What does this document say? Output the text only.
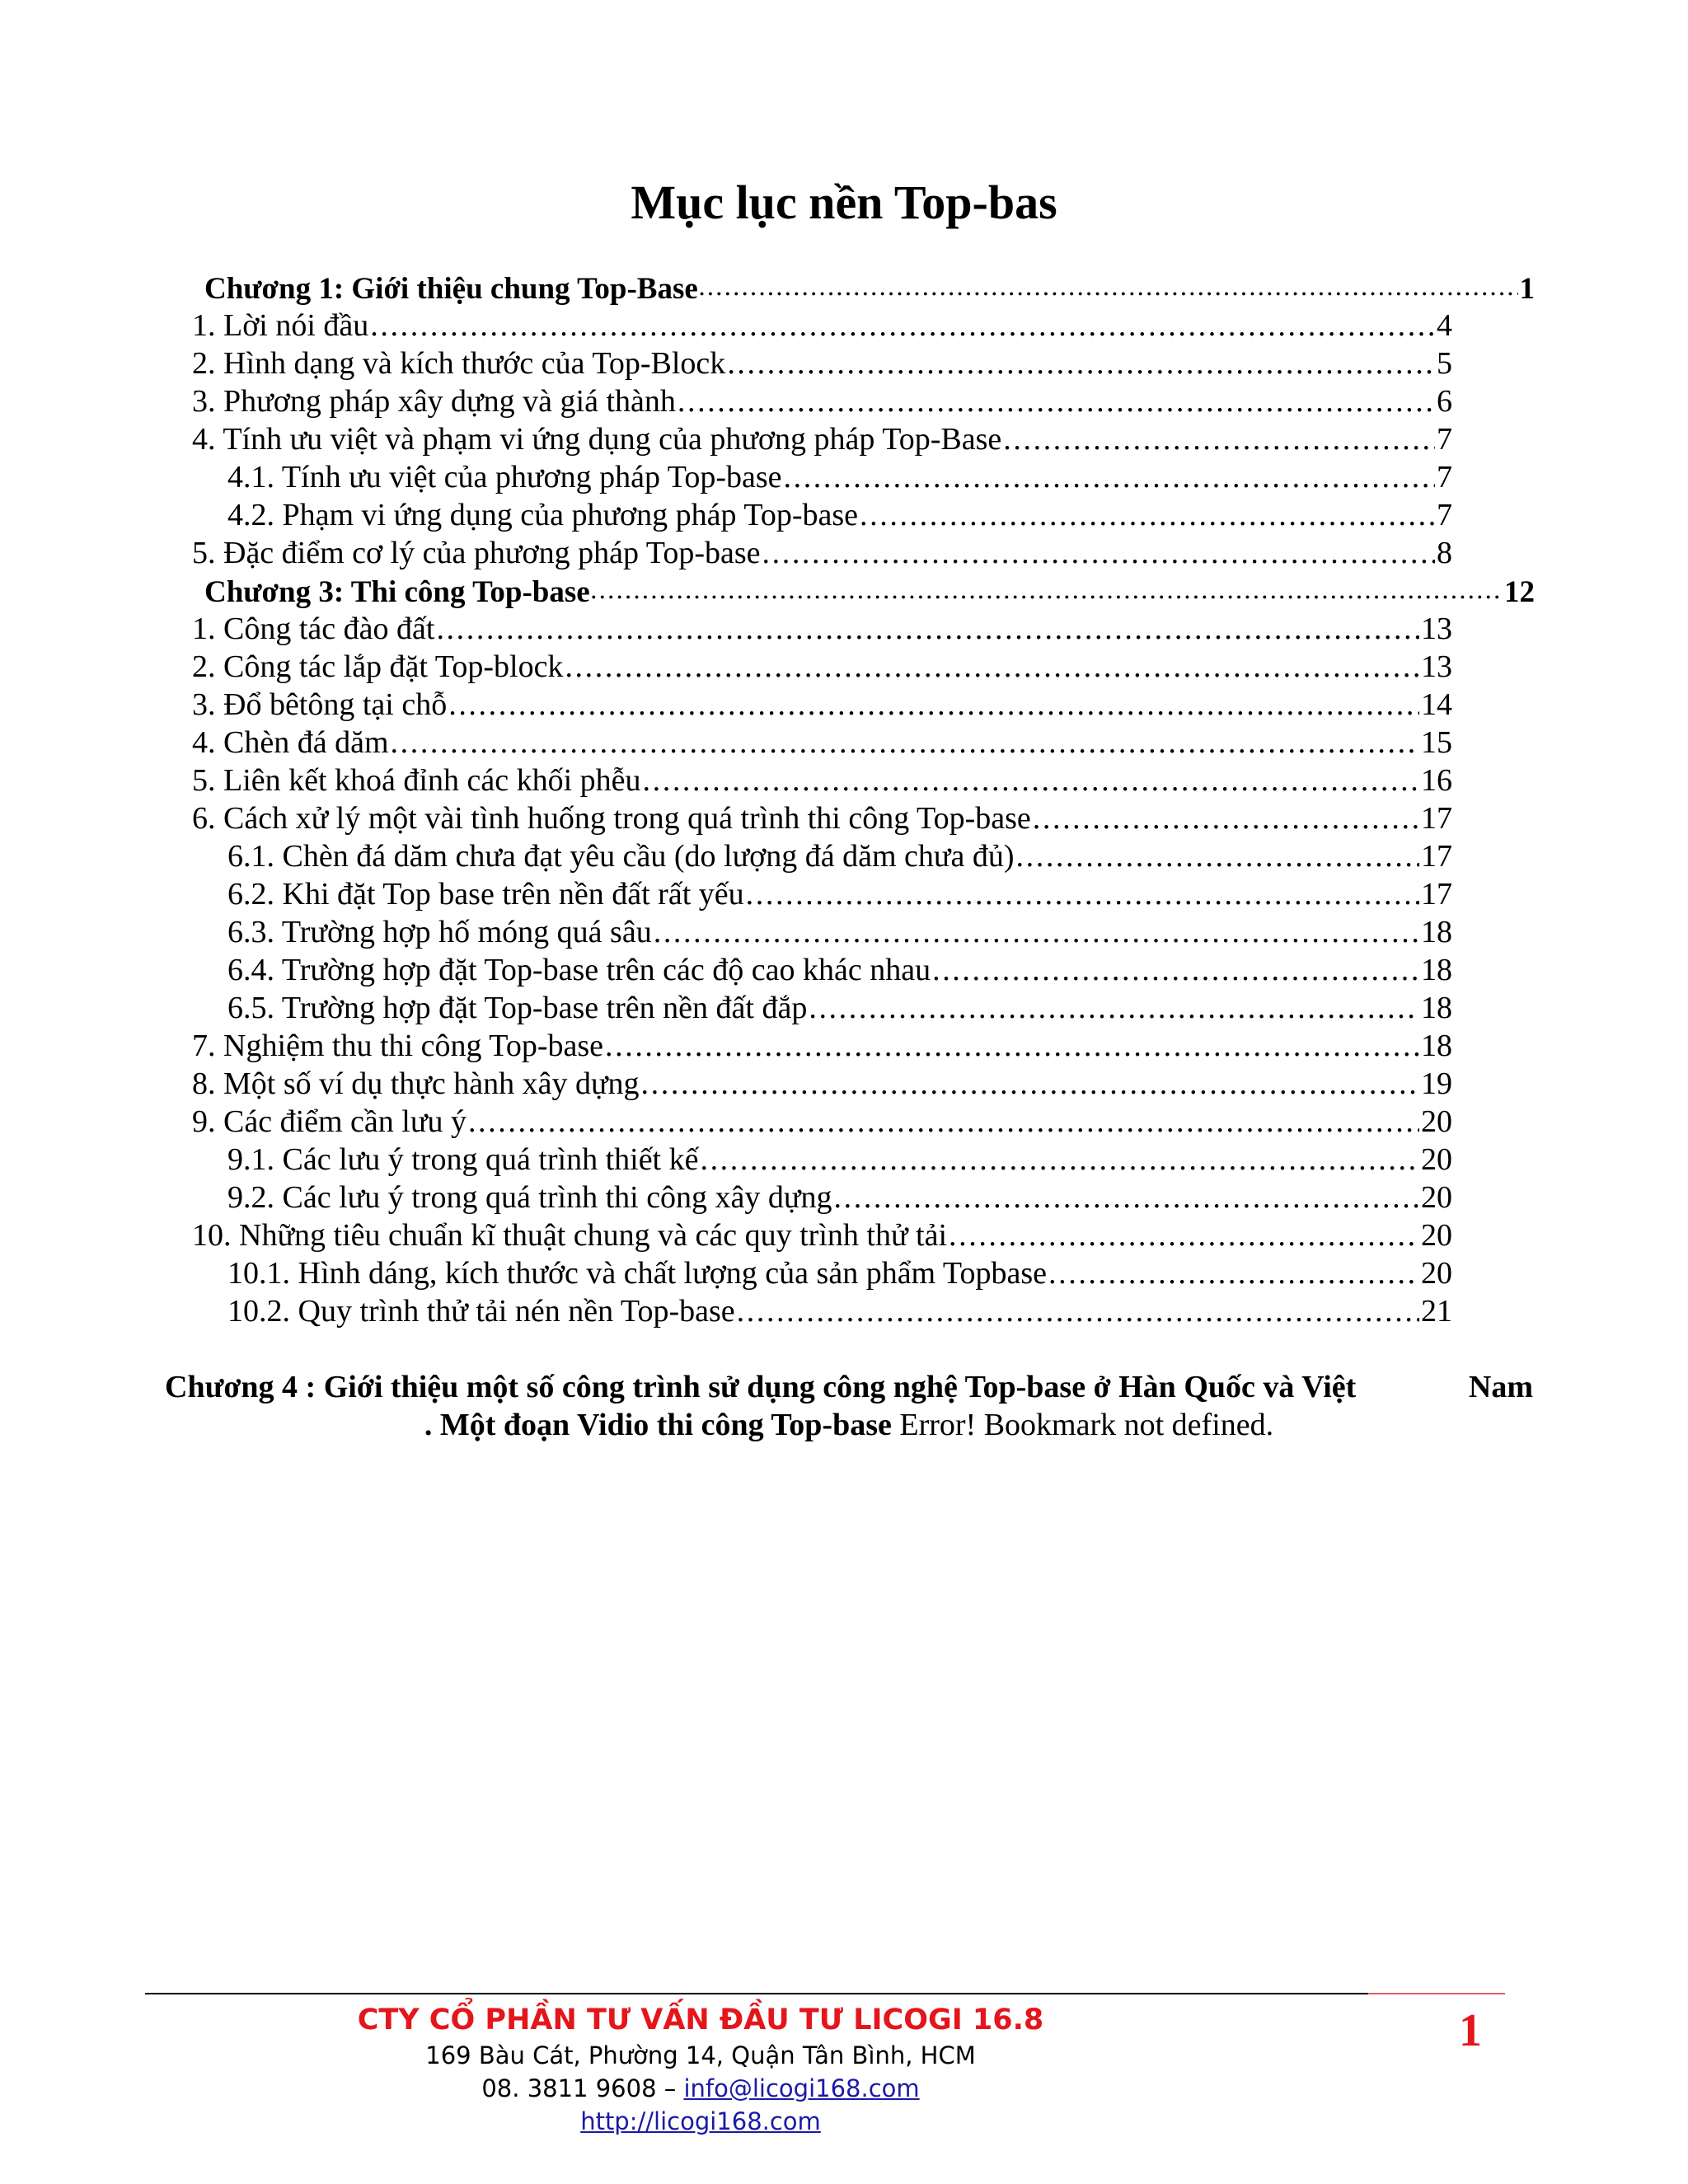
Mục lục nền Top-bas
Chương 1: Giới thiệu chung Top-Base ●●●●●●●●●●●●●●●●●●●●●●●●●●●●●●●●●●●●●●●●●●●●●●●●●●●●●●●●●●●●●●●●●●●●●●●●●●●●●●●●●●●●●●●●●●●●●●●●●●●●●●●●●●●●●●●●●●●●●●●●●●●●●●	1
1. Lời nói đầu .....	4
2. Hình dạng và kích thước của Top-Block .....	5
3. Phương pháp xây dựng và giá thành .....	6
4. Tính ưu việt và phạm vi ứng dụng của phương pháp Top-Base .....	7
4.1. Tính ưu việt của phương pháp Top-base .....	7
4.2. Phạm vi ứng dụng của phương pháp Top-base .....	7
5. Đặc điểm cơ lý của phương pháp Top-base .....	8
Chương 3: Thi công Top-base ●●●●●●●●●●●●●●●●●●●●●●●●●●●●●●●●●●●●●●●●●●●●●●●●●●●●●●●●●●●●●●●●●●●●●●●●●●●●●●●●●●●●●●●●●●●●●●●●●●●●●●●●●●●●●●●●●●●●●●●●●●●●●●	12
1. Công tác đào đất .....	13
2. Công tác lắp đặt Top-block .....	13
3. Đổ bêtông tại chỗ .....	14
4. Chèn đá dăm .....	15
5. Liên kết khoá đỉnh các khối phễu .....	16
6. Cách xử lý một vài tình huống trong quá trình thi công Top-base .....	17
6.1. Chèn đá dăm chưa đạt yêu cầu (do lượng đá dăm chưa đủ) .....	17
6.2. Khi đặt Top base trên nền đất rất yếu .....	17
6.3. Trường hợp hố móng quá sâu .....	18
6.4. Trường hợp đặt Top-base trên các độ cao khác nhau .....	18
6.5. Trường hợp đặt Top-base trên nền đất đắp .....	18
7. Nghiệm thu thi công Top-base .....	18
8. Một số ví dụ thực hành xây dựng .....	19
9. Các điểm cần lưu ý .....	20
9.1. Các lưu ý trong quá trình thiết kế .....	20
9.2. Các lưu ý trong quá trình thi công xây dựng .....	20
10. Những tiêu chuẩn kĩ thuật chung và các quy trình thử tải .....	20
10.1. Hình dáng, kích thước và chất lượng của sản phẩm Topbase .....	20
10.2. Quy trình thử tải nén nền Top-base .....	21
Chương 4 : Giới thiệu một số công trình sử dụng công nghệ Top-base ở Hàn Quốc và Việt	Nam
. Một đoạn Vidio thi công Top-base Error! Bookmark not defined.
CTY CỔ PHẦN TƯ VẤN ĐẦU TƯ LICOGI 16.8
169 Bàu Cát, Phường 14, Quận Tân Bình, HCM
08. 3811 9608 – info@licogi168.com
http://licogi168.com
1
